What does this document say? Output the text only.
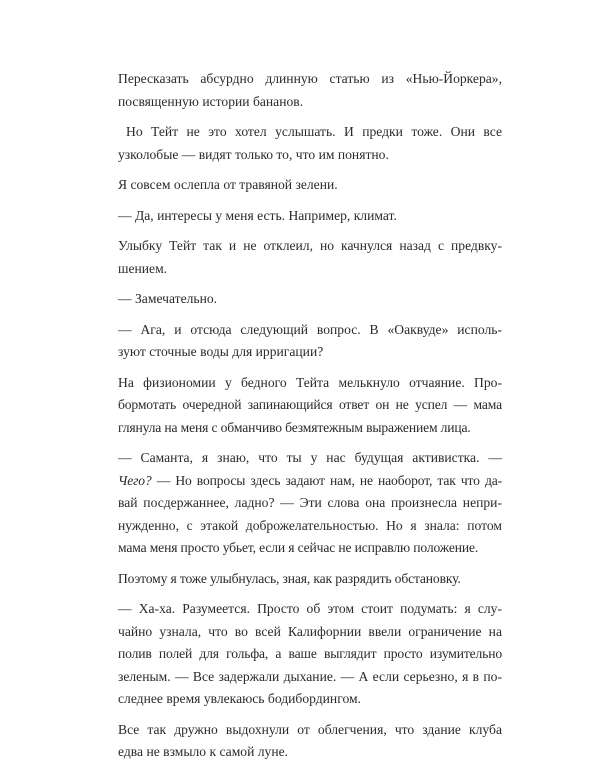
Пересказать абсурдно длинную статью из «Нью-Йоркера»,
посвященную истории бананов.

Но Тейт не это хотел услышать. И предки тоже. Они все
узколобые — видят только то, что им понятно.

Я совсем ослепла от травяной зелени.

— Да, интересы у меня есть. Например, климат.

Улыбку Тейт так и не отклеил, но качнулся назад с предвку-
шением.

— Замечательно.

— Ага, и отсюда следующий вопрос. В «Оаквуде» исполь-
зуют сточные воды для ирригации?

На физиономии у бедного Тейта мелькнуло отчаяние. Про-
бормотать очередной запинающийся ответ он не успел — мама
глянула на меня с обманчиво безмятежным выражением лица.

— Саманта, я знаю, что ты у нас будущая активистка. —
Чего? — Но вопросы здесь задают нам, не наоборот, так что да-
вай посдержаннее, ладно? — Эти слова она произнесла непри-
нужденно, с этакой доброжелательностью. Но я знала: потом
мама меня просто убьет, если я сейчас не исправлю положение.

Поэтому я тоже улыбнулась, зная, как разрядить обстановку.

— Ха-ха. Разумеется. Просто об этом стоит подумать: я слу-
чайно узнала, что во всей Калифорнии ввели ограничение на
полив полей для гольфа, а ваше выглядит просто изумительно
зеленым. — Все задержали дыхание. — А если серьезно, я в по-
следнее время увлекаюсь бодибордингом.

Все так дружно выдохнули от облегчения, что здание клуба
едва не взмыло к самой луне.
